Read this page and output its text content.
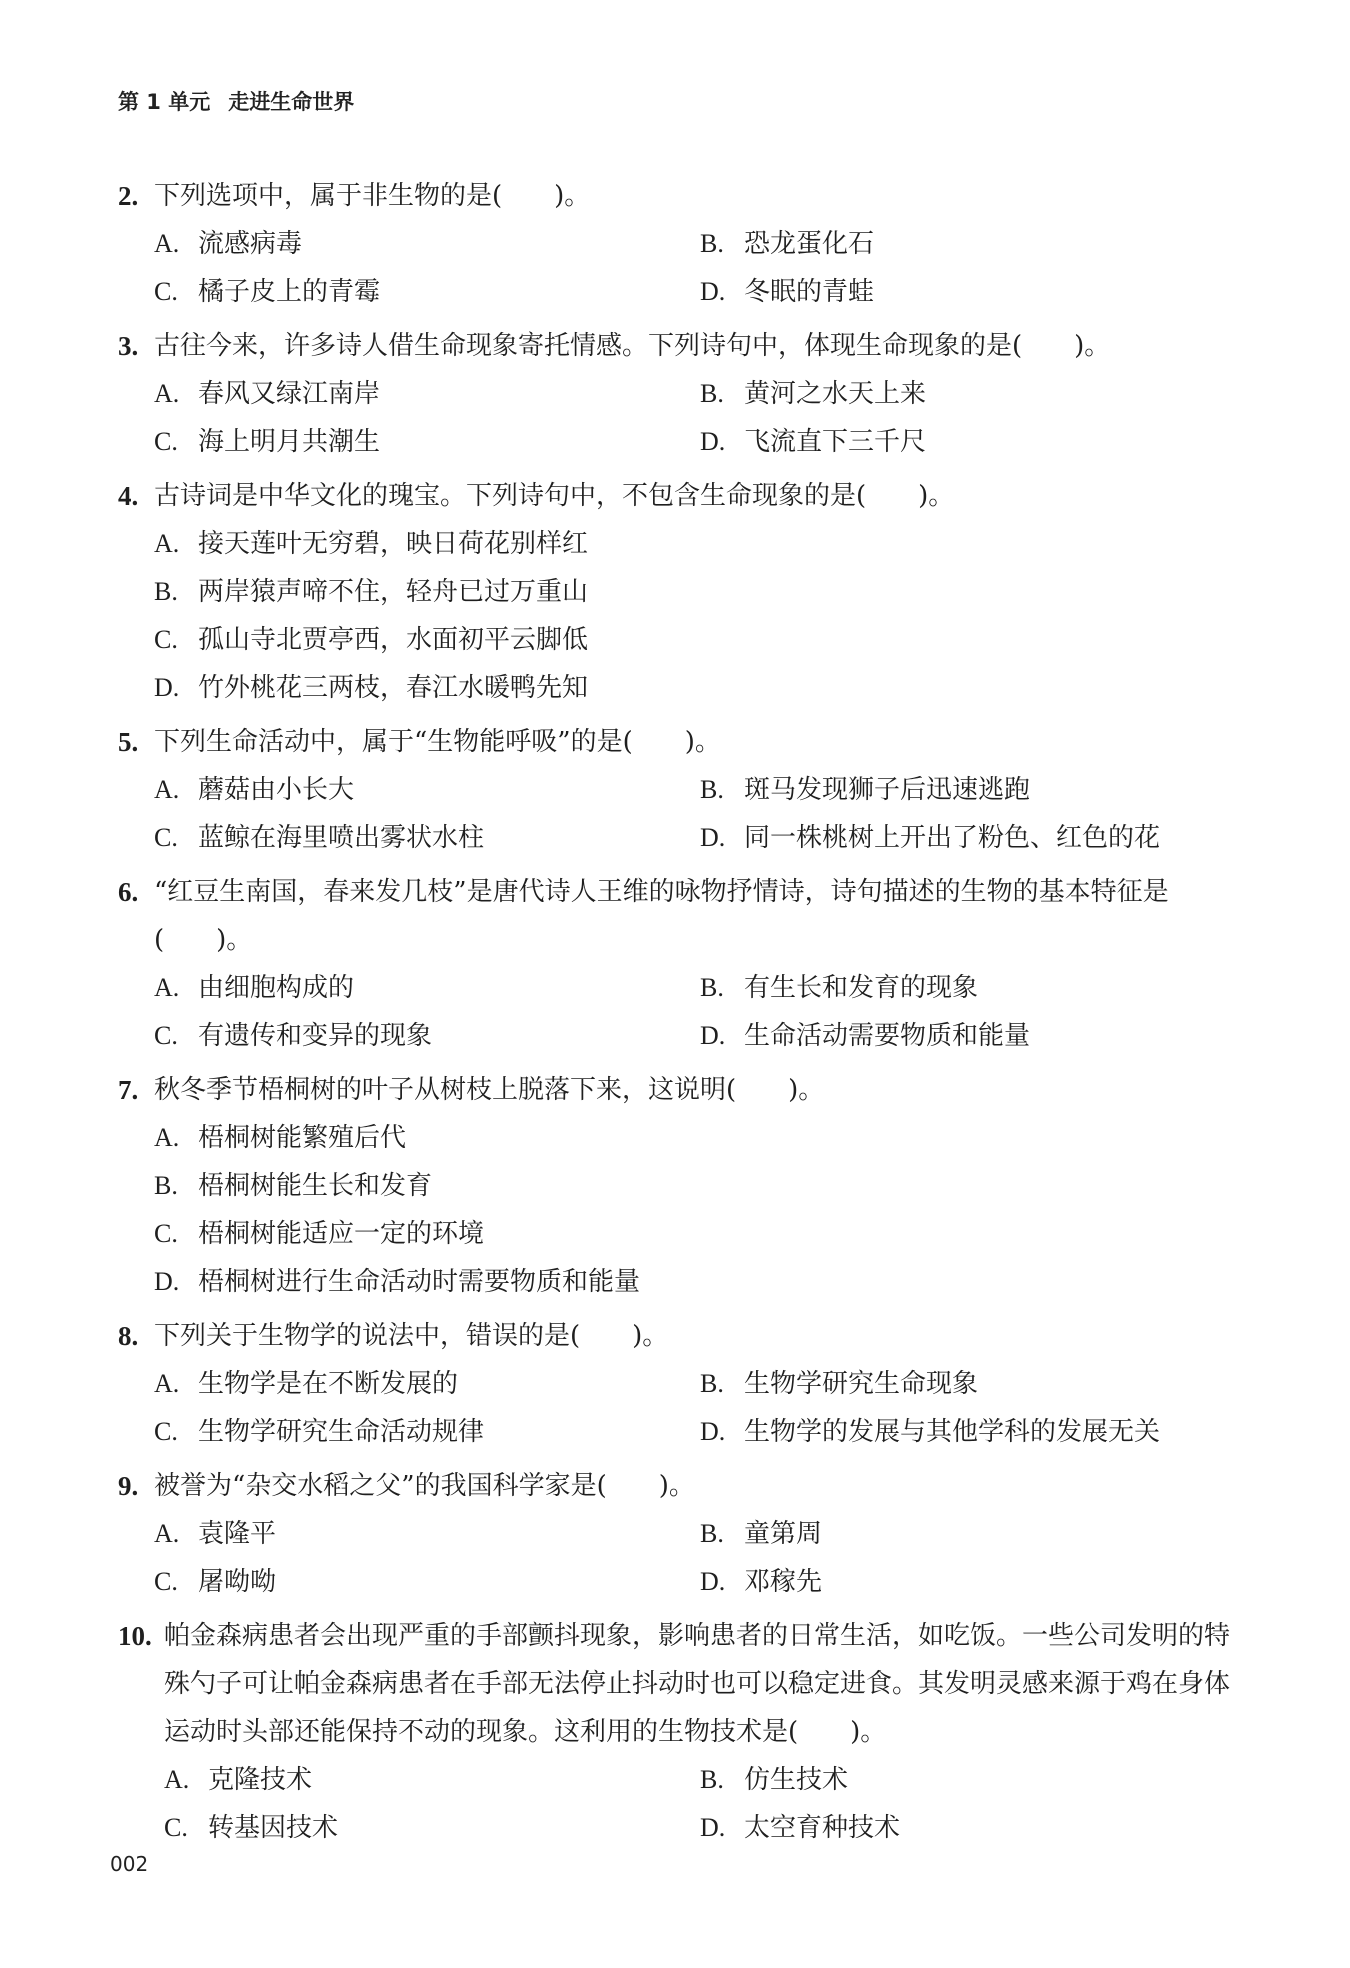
第 1 单元 走进生命世界
2. 下列选项中，属于非生物的是(　　)。
A. 流感病毒	B. 恐龙蛋化石
C. 橘子皮上的青霉	D. 冬眠的青蛙
3. 古往今来，许多诗人借生命现象寄托情感。下列诗句中，体现生命现象的是(　　)。
A. 春风又绿江南岸	B. 黄河之水天上来
C. 海上明月共潮生	D. 飞流直下三千尺
4. 古诗词是中华文化的瑰宝。下列诗句中，不包含生命现象的是(　　)。
A. 接天莲叶无穷碧，映日荷花别样红
B. 两岸猿声啼不住，轻舟已过万重山
C. 孤山寺北贾亭西，水面初平云脚低
D. 竹外桃花三两枝，春江水暖鸭先知
5. 下列生命活动中，属于“生物能呼吸”的是(　　)。
A. 蘑菇由小长大	B. 斑马发现狮子后迅速逃跑
C. 蓝鲸在海里喷出雾状水柱	D. 同一株桃树上开出了粉色、红色的花
6. “红豆生南国，春来发几枝”是唐代诗人王维的咏物抒情诗，诗句描述的生物的基本特征是(　　)。
A. 由细胞构成的	B. 有生长和发育的现象
C. 有遗传和变异的现象	D. 生命活动需要物质和能量
7. 秋冬季节梧桐树的叶子从树枝上脱落下来，这说明(　　)。
A. 梧桐树能繁殖后代
B. 梧桐树能生长和发育
C. 梧桐树能适应一定的环境
D. 梧桐树进行生命活动时需要物质和能量
8. 下列关于生物学的说法中，错误的是(　　)。
A. 生物学是在不断发展的	B. 生物学研究生命现象
C. 生物学研究生命活动规律	D. 生物学的发展与其他学科的发展无关
9. 被誉为“杂交水稻之父”的我国科学家是(　　)。
A. 袁隆平	B. 童第周
C. 屠呦呦	D. 邓稼先
10. 帕金森病患者会出现严重的手部颤抖现象，影响患者的日常生活，如吃饭。一些公司发明的特殊勺子可让帕金森病患者在手部无法停止抖动时也可以稳定进食。其发明灵感来源于鸡在身体运动时头部还能保持不动的现象。这利用的生物技术是(　　)。
A. 克隆技术	B. 仿生技术
C. 转基因技术	D. 太空育种技术
002
